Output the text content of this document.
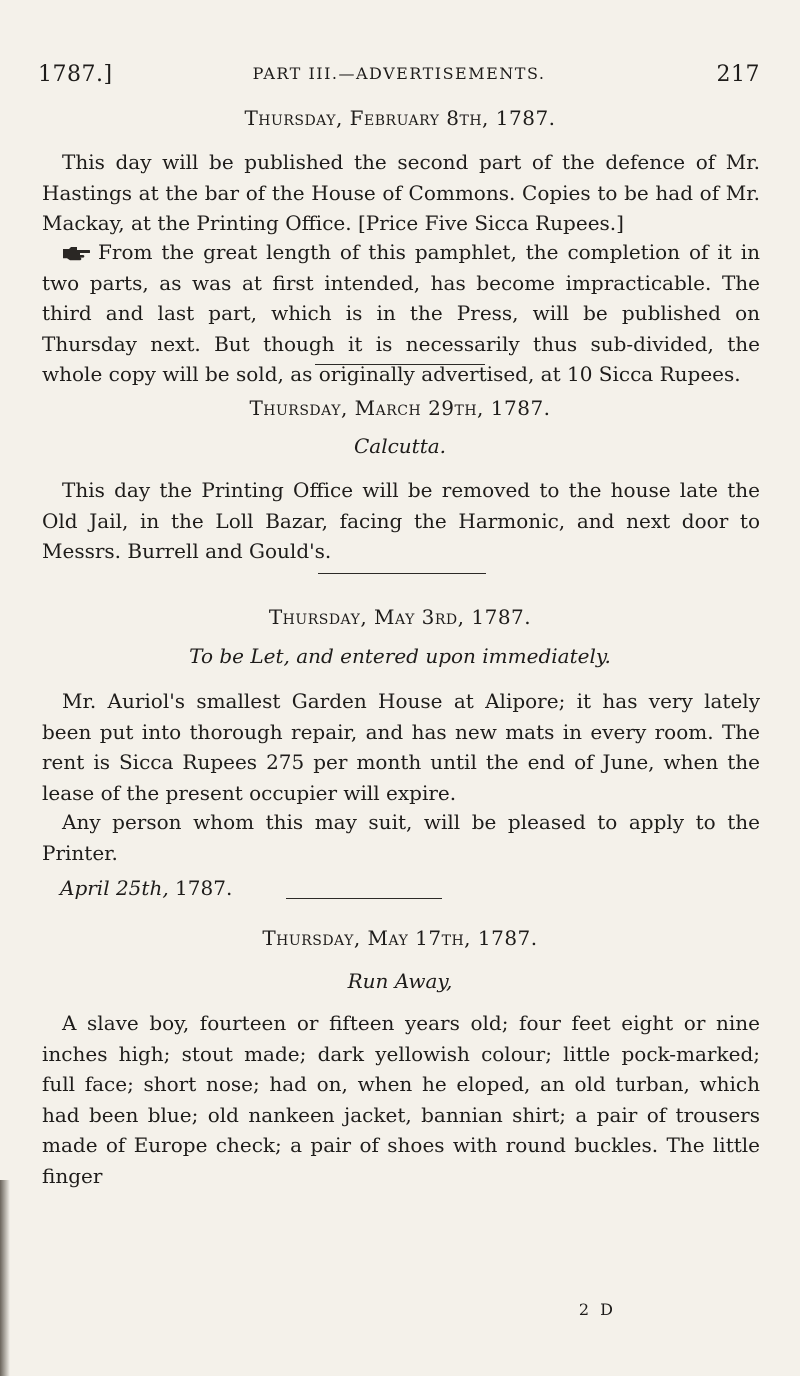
1787.]	PART III.—ADVERTISEMENTS.	217
Thursday, February 8th, 1787.

This day will be published the second part of the defence of Mr. Hastings at the bar of the House of Commons. Copies to be had of Mr. Mackay, at the Printing Office. [Price Five Sicca Rupees.]

From the great length of this pamphlet, the completion of it in two parts, as was at first intended, has become impracticable. The third and last part, which is in the Press, will be published on Thursday next. But though it is necessarily thus sub-divided, the whole copy will be sold, as originally advertised, at 10 Sicca Rupees.

Thursday, March 29th, 1787.
Calcutta.

This day the Printing Office will be removed to the house late the Old Jail, in the Loll Bazar, facing the Harmonic, and next door to Messrs. Burrell and Gould's.

Thursday, May 3rd, 1787.
To be Let, and entered upon immediately.

Mr. Auriol's smallest Garden House at Alipore; it has very lately been put into thorough repair, and has new mats in every room. The rent is Sicca Rupees 275 per month until the end of June, when the lease of the present occupier will expire.

Any person whom this may suit, will be pleased to apply to the Printer.

April 25th, 1787.
Thursday, May 17th, 1787.
Run Away,

A slave boy, fourteen or fifteen years old; four feet eight or nine inches high; stout made; dark yellowish colour; little pock-marked; full face; short nose; had on, when he eloped, an old turban, which had been blue; old nankeen jacket, bannian shirt; a pair of trousers made of Europe check; a pair of shoes with round buckles. The little finger

2 D
